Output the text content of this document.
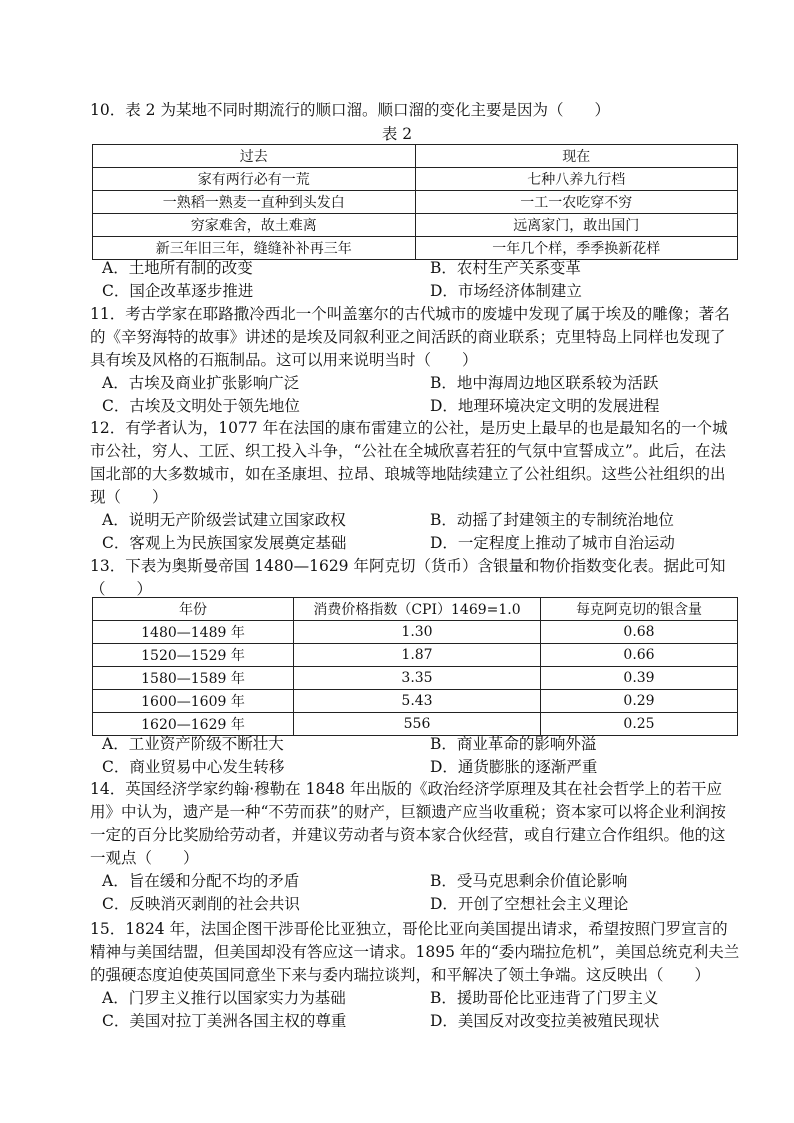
10．表 2 为某地不同时期流行的顺口溜。顺口溜的变化主要是因为（　　）
表 2
过去	现在
家有两行必有一荒	七种八养九行档
一熟稻一熟麦一直种到头发白	一工一农吃穿不穷
穷家难舍，故土难离	远离家门，敢出国门
新三年旧三年，缝缝补补再三年	一年几个样，季季换新花样
A．土地所有制的改变	B．农村生产关系变革
C．国企改革逐步推进	D．市场经济体制建立
11．考古学家在耶路撒冷西北一个叫盖塞尔的古代城市的废墟中发现了属于埃及的雕像；著名的《辛努海特的故事》讲述的是埃及同叙利亚之间活跃的商业联系；克里特岛上同样也发现了具有埃及风格的石瓶制品。这可以用来说明当时（　　）
A．古埃及商业扩张影响广泛	B．地中海周边地区联系较为活跃
C．古埃及文明处于领先地位	D．地理环境决定文明的发展进程
12．有学者认为，1077 年在法国的康布雷建立的公社，是历史上最早的也是最知名的一个城市公社，穷人、工匠、织工投入斗争，“公社在全城欣喜若狂的气氛中宣誓成立”。此后，在法国北部的大多数城市，如在圣康坦、拉昂、琅城等地陆续建立了公社组织。这些公社组织的出现（　　）
A．说明无产阶级尝试建立国家政权	B．动摇了封建领主的专制统治地位
C．客观上为民族国家发展奠定基础	D．一定程度上推动了城市自治运动
13．下表为奥斯曼帝国 1480—1629 年阿克切（货币）含银量和物价指数变化表。据此可知（　　）
年份	消费价格指数（CPI）1469=1.0	每克阿克切的银含量
1480—1489 年	1.30	0.68
1520—1529 年	1.87	0.66
1580—1589 年	3.35	0.39
1600—1609 年	5.43	0.29
1620—1629 年	556	0.25
A．工业资产阶级不断壮大	B．商业革命的影响外溢
C．商业贸易中心发生转移	D．通货膨胀的逐渐严重
14．英国经济学家约翰·穆勒在 1848 年出版的《政治经济学原理及其在社会哲学上的若干应用》中认为，遗产是一种“不劳而获”的财产，巨额遗产应当收重税；资本家可以将企业利润按一定的百分比奖励给劳动者，并建议劳动者与资本家合伙经营，或自行建立合作组织。他的这一观点（　　）
A．旨在缓和分配不均的矛盾	B．受马克思剩余价值论影响
C．反映消灭剥削的社会共识	D．开创了空想社会主义理论
15．1824 年，法国企图干涉哥伦比亚独立，哥伦比亚向美国提出请求，希望按照门罗宣言的精神与美国结盟，但美国却没有答应这一请求。1895 年的“委内瑞拉危机”，美国总统克利夫兰的强硬态度迫使英国同意坐下来与委内瑞拉谈判，和平解决了领土争端。这反映出（　　）
A．门罗主义推行以国家实力为基础	B．援助哥伦比亚违背了门罗主义
C．美国对拉丁美洲各国主权的尊重	D．美国反对改变拉美被殖民现状
